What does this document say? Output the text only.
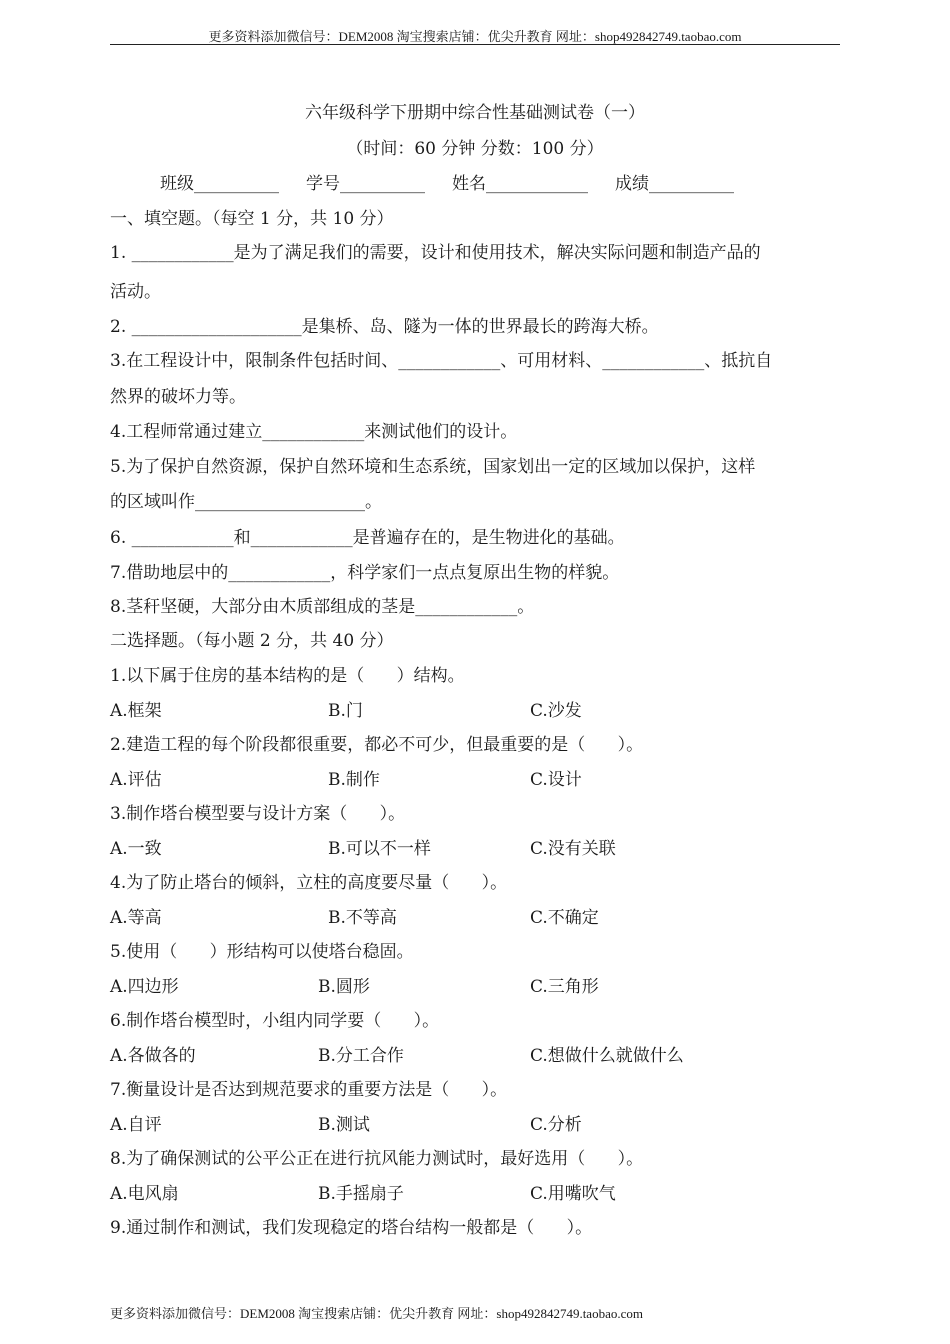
更多资料添加微信号：DEM2008 淘宝搜索店铺：优尖升教育 网址：shop492842749.taobao.com
六年级科学下册期中综合性基础测试卷（一）
（时间：60 分钟 分数：100 分）
班级__________     学号__________     姓名____________     成绩__________
一、填空题。（每空 1 分，共 10 分）
1. ____________是为了满足我们的需要，设计和使用技术，解决实际问题和制造产品的
活动。
2. ____________________是集桥、岛、隧为一体的世界最长的跨海大桥。
3.在工程设计中，限制条件包括时间、____________、可用材料、____________、抵抗自
然界的破坏力等。
4.工程师常通过建立____________来测试他们的设计。
5.为了保护自然资源，保护自然环境和生态系统，国家划出一定的区域加以保护，这样
的区域叫作____________________。
6. ____________和____________是普遍存在的，是生物进化的基础。
7.借助地层中的____________，科学家们一点点复原出生物的样貌。
8.茎秆坚硬，大部分由木质部组成的茎是____________。
二选择题。（每小题 2 分，共 40 分）
1.以下属于住房的基本结构的是（      ）结构。
A.框架	B.门	C.沙发
2.建造工程的每个阶段都很重要，都必不可少，但最重要的是（      ）。
A.评估	B.制作	C.设计
3.制作塔台模型要与设计方案（      ）。
A.一致	B.可以不一样	C.没有关联
4.为了防止塔台的倾斜，立柱的高度要尽量（      ）。
A.等高	B.不等高	C.不确定
5.使用（      ）形结构可以使塔台稳固。
A.四边形	B.圆形	C.三角形
6.制作塔台模型时，小组内同学要（      ）。
A.各做各的	B.分工合作	C.想做什么就做什么
7.衡量设计是否达到规范要求的重要方法是（      ）。
A.自评	B.测试	C.分析
8.为了确保测试的公平公正在进行抗风能力测试时，最好选用（      ）。
A.电风扇	B.手摇扇子	C.用嘴吹气
9.通过制作和测试，我们发现稳定的塔台结构一般都是（      ）。
更多资料添加微信号：DEM2008 淘宝搜索店铺：优尖升教育 网址：shop492842749.taobao.com
